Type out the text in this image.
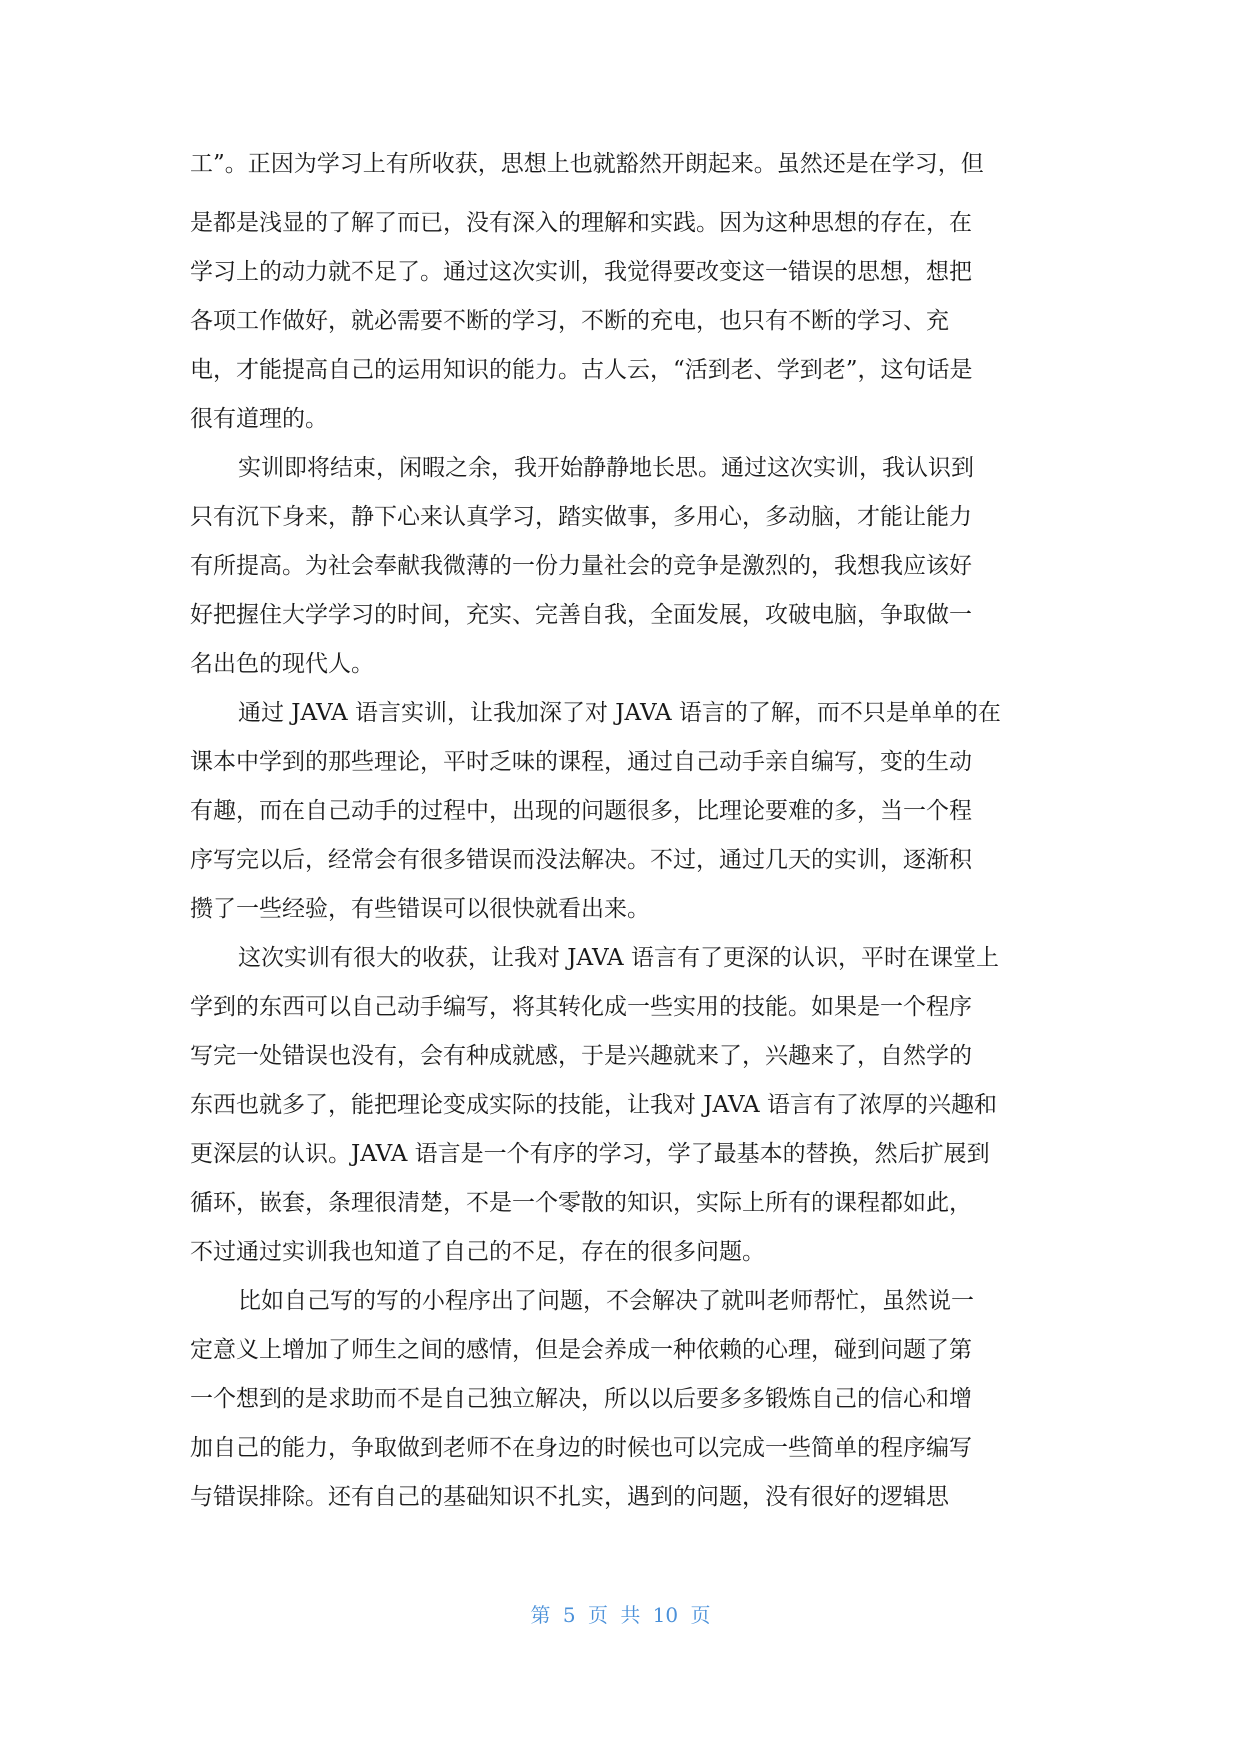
工”。正因为学习上有所收获，思想上也就豁然开朗起来。虽然还是在学习，但
是都是浅显的了解了而已，没有深入的理解和实践。因为这种思想的存在，在
学习上的动力就不足了。通过这次实训，我觉得要改变这一错误的思想，想把
各项工作做好，就必需要不断的学习，不断的充电，也只有不断的学习、充
电，才能提高自己的运用知识的能力。古人云，“活到老、学到老”，这句话是
很有道理的。
实训即将结束，闲暇之余，我开始静静地长思。通过这次实训，我认识到
只有沉下身来，静下心来认真学习，踏实做事，多用心，多动脑，才能让能力
有所提高。为社会奉献我微薄的一份力量社会的竞争是激烈的，我想我应该好
好把握住大学学习的时间，充实、完善自我，全面发展，攻破电脑，争取做一
名出色的现代人。
通过 JAVA 语言实训，让我加深了对 JAVA 语言的了解，而不只是单单的在
课本中学到的那些理论，平时乏味的课程，通过自己动手亲自编写，变的生动
有趣，而在自己动手的过程中，出现的问题很多，比理论要难的多，当一个程
序写完以后，经常会有很多错误而没法解决。不过，通过几天的实训，逐渐积
攒了一些经验，有些错误可以很快就看出来。
这次实训有很大的收获，让我对 JAVA 语言有了更深的认识，平时在课堂上
学到的东西可以自己动手编写，将其转化成一些实用的技能。如果是一个程序
写完一处错误也没有，会有种成就感，于是兴趣就来了，兴趣来了，自然学的
东西也就多了，能把理论变成实际的技能，让我对 JAVA 语言有了浓厚的兴趣和
更深层的认识。JAVA 语言是一个有序的学习，学了最基本的替换，然后扩展到
循环，嵌套，条理很清楚，不是一个零散的知识，实际上所有的课程都如此，
不过通过实训我也知道了自己的不足，存在的很多问题。
比如自己写的写的小程序出了问题，不会解决了就叫老师帮忙，虽然说一
定意义上增加了师生之间的感情，但是会养成一种依赖的心理，碰到问题了第
一个想到的是求助而不是自己独立解决，所以以后要多多锻炼自己的信心和增
加自己的能力，争取做到老师不在身边的时候也可以完成一些简单的程序编写
与错误排除。还有自己的基础知识不扎实，遇到的问题，没有很好的逻辑思
第 5 页 共 10 页
